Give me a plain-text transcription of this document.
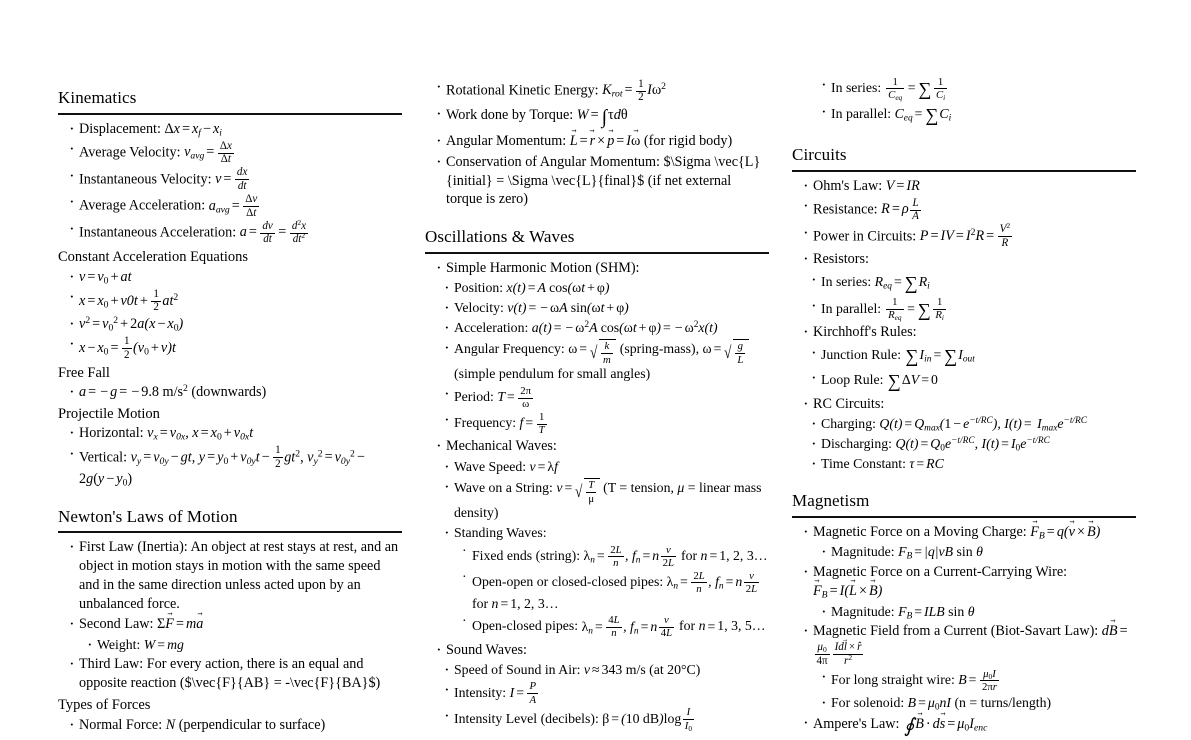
Kinematics
· Displacement: $\Delta x = x_f - x_i$
· Average Velocity: $v_{avg} = \frac{\Delta x}{\Delta t}$
· Instantaneous Velocity: $v = \frac{dx}{dt}$
· Average Acceleration: $a_{avg} = \frac{\Delta v}{\Delta t}$
· Instantaneous Acceleration: $a = \frac{dv}{dt} = \frac{d^2x}{dt^2}$
Constant Acceleration Equations
· $v = v_0$ + at
· $x = x_0 + v0t + \frac{1}{2} at^2$
· $v^2 = v_0^2 + 2a(x - x_0)$
· $x - x_0 = \frac{1}{2} (v_0 + v)t$
Free Fall
· a = − g = − 9.8 $m/s^2$ (downwards)
Projectile Motion
· Horizontal: $v_x = v_{0x}$, $x = x_0 + v_{0x}t$
· Vertical: $v_y = v_{0y}$ − gt, $y = y_0 + v_{0y}t - \frac{1}{2} gt^2$, $v_y^2 = v_{0y}^2 - 2g(y - y_0)$
Newton's Laws of Motion
· First Law (Inertia): An object at rest stays at rest, and an object in motion stays in motion with the same speed and in the same direction unless acted upon by an unbalanced force.
· Second Law: ΣF → = ma →
· Weight: W = mg
· Third Law: For every action, there is an equal and opposite reaction ($\vec{F}{AB} = -\vec{F}{BA}$)
Types of Forces
· Normal Force: N (perpendicular to surface)
· Rotational Kinetic Energy: $K_{rot} = \frac{1}{2} I\omega^2$
· Work done by Torque: W = ∫τdθ
· Angular Momentum: L → = r → × p → = Iω → (for rigid body)
· Conservation of Angular Momentum: $\Sigma \vec{L}{initial} = \Sigma \vec{L}{final}$ (if net external torque is zero)
Oscillations & Waves
· Simple Harmonic Motion (SHM):
· Position: x(t) = A cos(ωt + φ)
· Velocity: v(t) = − ωA sin(ωt + φ)
· Acceleration: a(t) = − $\omega^2A$ cos(ωt + φ) = − $\omega^2x(t)$
· Angular Frequency: ω = √ $\frac{k}{m}$ (spring-mass), ω = √ $\frac{g}{L}$
(simple pendulum for small angles)
· Period: $T = \frac{2\pi}{\omega}$
· Frequency: $f = \frac{1}{T}$
· Mechanical Waves:
· Wave Speed: v = λf
· Wave on a String: v = √ $\frac{T}{\mu} (T$ = tension, μ = linear mass density)
· Standing Waves:
· Fixed ends (string): $\lambda_n = \frac{2L}{n}$ , $f_n = n \frac{v}{2L}$ for n = 1, 2, 3…
· Open-open or closed-closed pipes: $\lambda_n = \frac{2L}{n}$ , $f_n = n \frac{v}{2L}$
for n = 1, 2, 3…
· Open-closed pipes: $\lambda_n = \frac{4L}{n}$ , $f_n = n \frac{v}{4L}$ for n = 1, 3, 5…
· Sound Waves:
· Speed of Sound in Air: v ≈ 343 m/s (at 20°C)
· Intensity: $I = \frac{P}{A}$
· Intensity Level (decibels): β = (10 $dB)\log \frac{I}{I_0}$
· In series: $\frac{1}{C_{eq}}$ = ∑ $\frac{1}{C_i}$
· In parallel: $C_{eq} = \sum C_i$
Circuits
· Ohm's Law: V = IR
· Resistance: R = ρ $\frac{L}{A}$
· Power in Circuits: P = IV = $I^2R = \frac{V^2}{R}$
· Resistors:
· In series: $R_{eq} = \sum R_i$
· In parallel: $\frac{1}{R_{eq}}$ = ∑ $\frac{1}{R_i}$
· Kirchhoff's Rules:
· Junction Rule: $\sum I_{in} = \sum I_{out}$
· Loop Rule: ∑ΔV = 0
· RC Circuits:
· Charging: $Q(t) = Q_{max}(1 - e^{-t/RC})$, $I(t) = I_{max}e^{-t/RC}$
· Discharging: $Q(t) = Q_0e^{-t/RC}$, $I(t) = I_0e^{-t/RC}$
· Time Constant: τ = RC
Magnetism
· Magnetic Force on a Moving Charge: $F \to_B = q(v$ → × B →)
· Magnitude: $F_B = |q|vB$ sin θ
· Magnetic Force on a Current-Carrying Wire: $F \to_B = I(L$ → × B →)
· Magnitude: $F_B$ = ILB sin θ
· Magnetic Field from a Current (Biot-Savart Law): dB → =
$\frac{\mu_0}{4\pi} \frac{\text{Idl → × r̂}}{r^2}$
· For long straight wire: $B = \frac{\mu_0I}{2\pi r}$
· For solenoid: $B = \mu_0nI$ (n = turns/length)
· Ampere's Law: ∮B → · ds → = $\mu_0I_{enc}$
